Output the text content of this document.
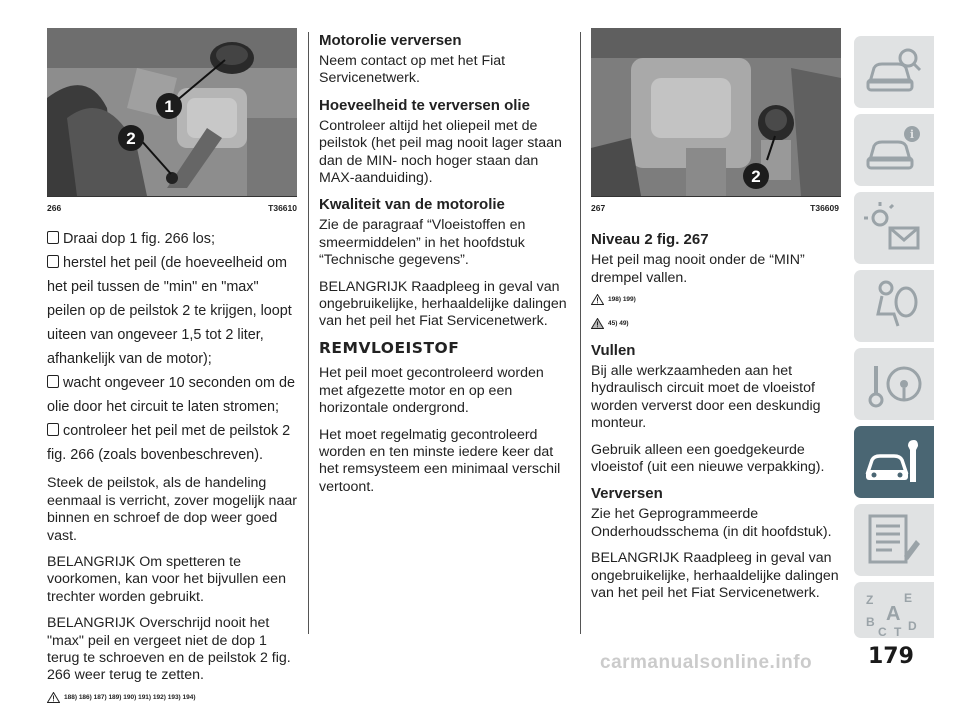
1
2
266	T36610
Draai dop 1 fig. 266 los;
herstel het peil (de hoeveelheid om het peil tussen de "min" en "max" peilen op de peilstok 2 te krijgen, loopt uiteen van ongeveer 1,5 tot 2 liter, afhankelijk van de motor);
wacht ongeveer 10 seconden om de olie door het circuit te laten stromen;
controleer het peil met de peilstok 2 fig. 266 (zoals bovenbeschreven).

Steek de peilstok, als de handeling eenmaal is verricht, zover mogelijk naar binnen en schroef de dop weer goed vast.

BELANGRIJK Om spetteren te voorkomen, kan voor het bijvullen een trechter worden gebruikt.

BELANGRIJK Overschrijd nooit het "max" peil en vergeet niet de dop 1 terug te schroeven en de peilstok 2 fig. 266 weer terug te zetten.

188) 186) 187) 189) 190) 191) 192) 193) 194)
Motorolie verversen

Neem contact op met het Fiat Servicenetwerk.

Hoeveelheid te verversen olie

Controleer altijd het oliepeil met de peilstok (het peil mag nooit lager staan dan de MIN- noch hoger staan dan MAX-aanduiding).

Kwaliteit van de motorolie

Zie de paragraaf “Vloeistoffen en smeermiddelen” in het hoofdstuk “Technische gegevens”.

BELANGRIJK Raadpleeg in geval van ongebruikelijke, herhaaldelijke dalingen van het peil het Fiat Servicenetwerk.

REMVLOEISTOF

Het peil moet gecontroleerd worden met afgezette motor en op een horizontale ondergrond.

Het moet regelmatig gecontroleerd worden en ten minste iedere keer dat het remsysteem een minimaal verschil vertoont.

2
267	T36609
Niveau 2 fig. 267

Het peil mag nooit onder de “MIN” drempel vallen.

198) 199)
45) 49)
Vullen

Bij alle werkzaamheden aan het hydraulisch circuit moet de vloeistof worden ververst door een deskundig monteur.

Gebruik alleen een goedgekeurde vloeistof (uit een nieuwe verpakking).

Verversen

Zie het Geprogrammeerde Onderhoudsschema (in dit hoofdstuk).

BELANGRIJK Raadpleeg in geval van ongebruikelijke, herhaaldelijke dalingen van het peil het Fiat Servicenetwerk.

i
Z	E
B A
C T D
carmanualsonline.info	179
